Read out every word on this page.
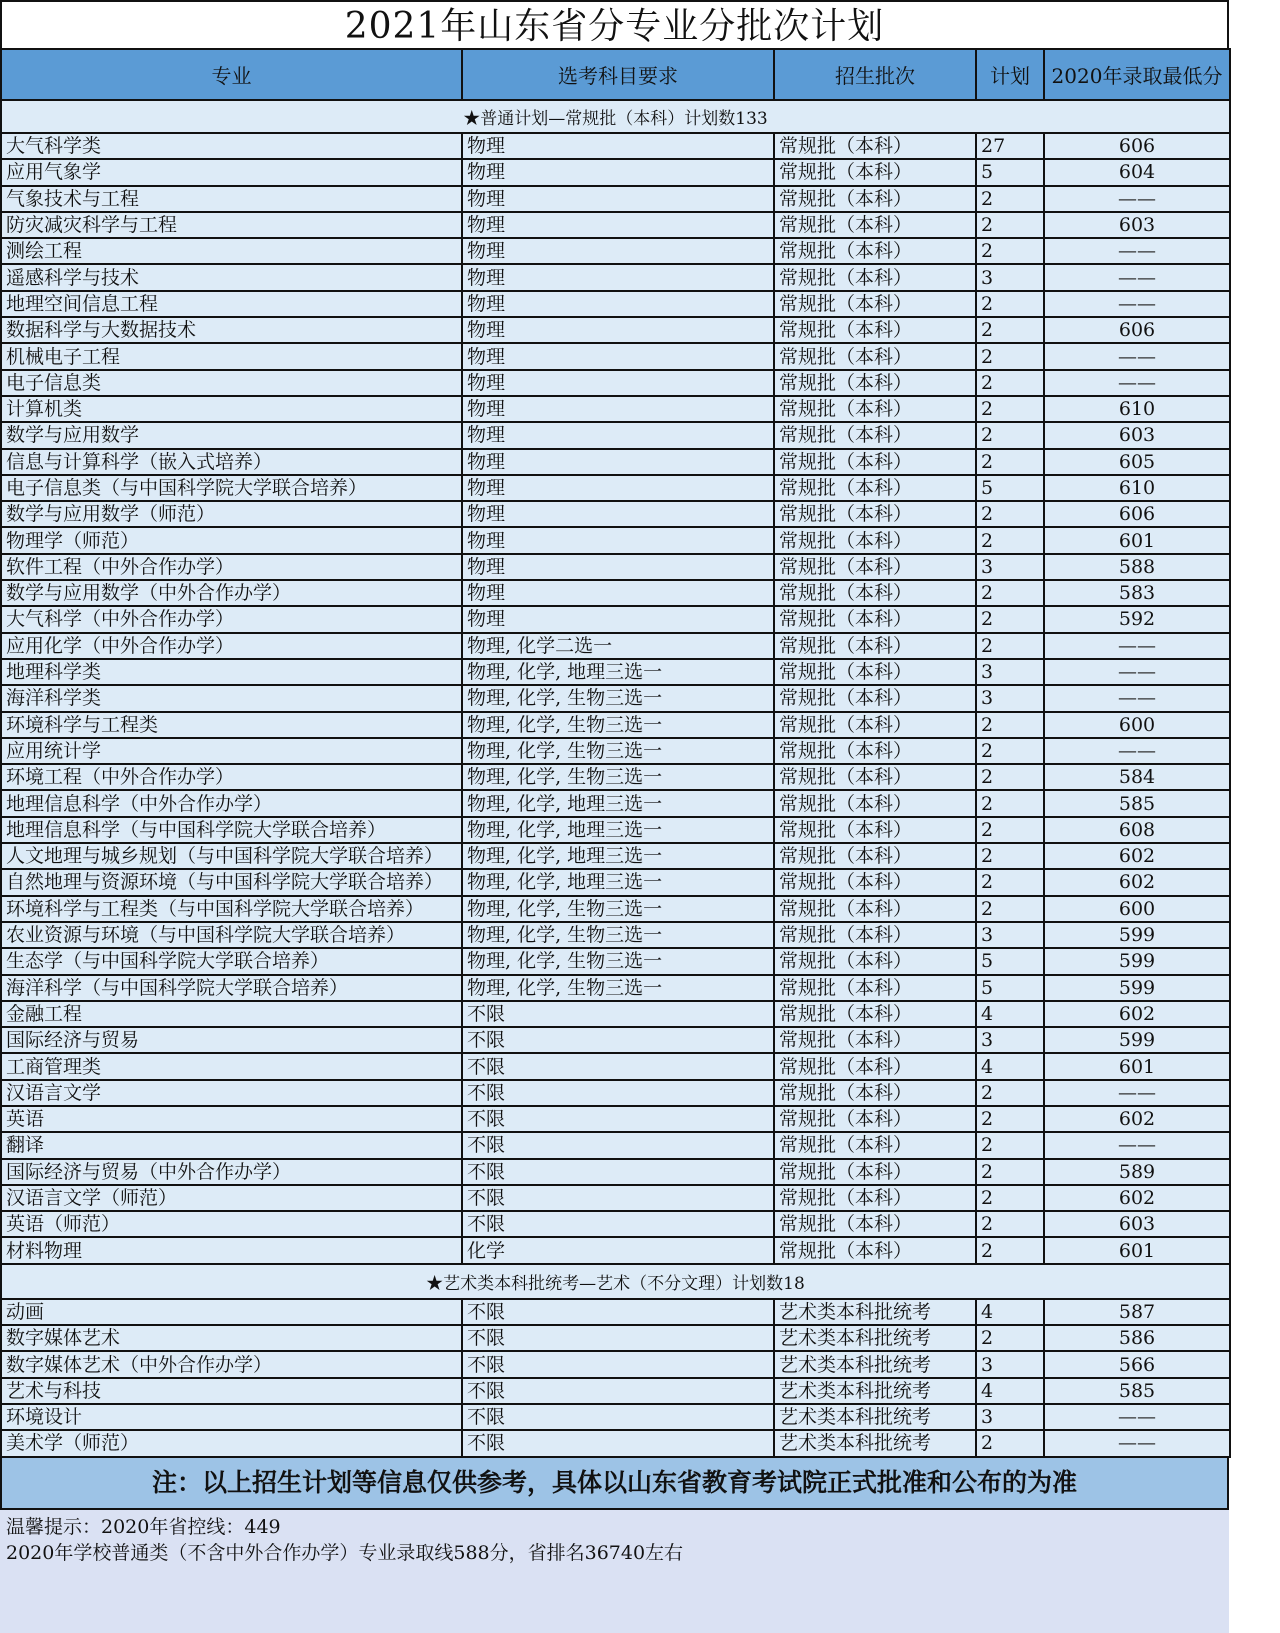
2021年山东省分专业分批次计划
专业	选考科目要求	招生批次	计划	2020年录取最低分
★普通计划—常规批（本科）计划数133				
大气科学类	物理	常规批（本科）	27	606
应用气象学	物理	常规批（本科）	5	604
气象技术与工程	物理	常规批（本科）	2	——
防灾减灾科学与工程	物理	常规批（本科）	2	603
测绘工程	物理	常规批（本科）	2	——
遥感科学与技术	物理	常规批（本科）	3	——
地理空间信息工程	物理	常规批（本科）	2	——
数据科学与大数据技术	物理	常规批（本科）	2	606
机械电子工程	物理	常规批（本科）	2	——
电子信息类	物理	常规批（本科）	2	——
计算机类	物理	常规批（本科）	2	610
数学与应用数学	物理	常规批（本科）	2	603
信息与计算科学（嵌入式培养）	物理	常规批（本科）	2	605
电子信息类（与中国科学院大学联合培养）	物理	常规批（本科）	5	610
数学与应用数学（师范）	物理	常规批（本科）	2	606
物理学（师范）	物理	常规批（本科）	2	601
软件工程（中外合作办学）	物理	常规批（本科）	3	588
数学与应用数学（中外合作办学）	物理	常规批（本科）	2	583
大气科学（中外合作办学）	物理	常规批（本科）	2	592
应用化学（中外合作办学）	物理, 化学二选一	常规批（本科）	2	——
地理科学类	物理, 化学, 地理三选一	常规批（本科）	3	——
海洋科学类	物理, 化学, 生物三选一	常规批（本科）	3	——
环境科学与工程类	物理, 化学, 生物三选一	常规批（本科）	2	600
应用统计学	物理, 化学, 生物三选一	常规批（本科）	2	——
环境工程（中外合作办学）	物理, 化学, 生物三选一	常规批（本科）	2	584
地理信息科学（中外合作办学）	物理, 化学, 地理三选一	常规批（本科）	2	585
地理信息科学（与中国科学院大学联合培养）	物理, 化学, 地理三选一	常规批（本科）	2	608
人文地理与城乡规划（与中国科学院大学联合培养）	物理, 化学, 地理三选一	常规批（本科）	2	602
自然地理与资源环境（与中国科学院大学联合培养）	物理, 化学, 地理三选一	常规批（本科）	2	602
环境科学与工程类（与中国科学院大学联合培养）	物理, 化学, 生物三选一	常规批（本科）	2	600
农业资源与环境（与中国科学院大学联合培养）	物理, 化学, 生物三选一	常规批（本科）	3	599
生态学（与中国科学院大学联合培养）	物理, 化学, 生物三选一	常规批（本科）	5	599
海洋科学（与中国科学院大学联合培养）	物理, 化学, 生物三选一	常规批（本科）	5	599
金融工程	不限	常规批（本科）	4	602
国际经济与贸易	不限	常规批（本科）	3	599
工商管理类	不限	常规批（本科）	4	601
汉语言文学	不限	常规批（本科）	2	——
英语	不限	常规批（本科）	2	602
翻译	不限	常规批（本科）	2	——
国际经济与贸易（中外合作办学）	不限	常规批（本科）	2	589
汉语言文学（师范）	不限	常规批（本科）	2	602
英语（师范）	不限	常规批（本科）	2	603
材料物理	化学	常规批（本科）	2	601
★艺术类本科批统考—艺术（不分文理）计划数18				
动画	不限	艺术类本科批统考	4	587
数字媒体艺术	不限	艺术类本科批统考	2	586
数字媒体艺术（中外合作办学）	不限	艺术类本科批统考	3	566
艺术与科技	不限	艺术类本科批统考	4	585
环境设计	不限	艺术类本科批统考	3	——
美术学（师范）	不限	艺术类本科批统考	2	——
注：以上招生计划等信息仅供参考，具体以山东省教育考试院正式批准和公布的为准
温馨提示：2020年省控线：449
2020年学校普通类（不含中外合作办学）专业录取线588分，省排名36740左右
